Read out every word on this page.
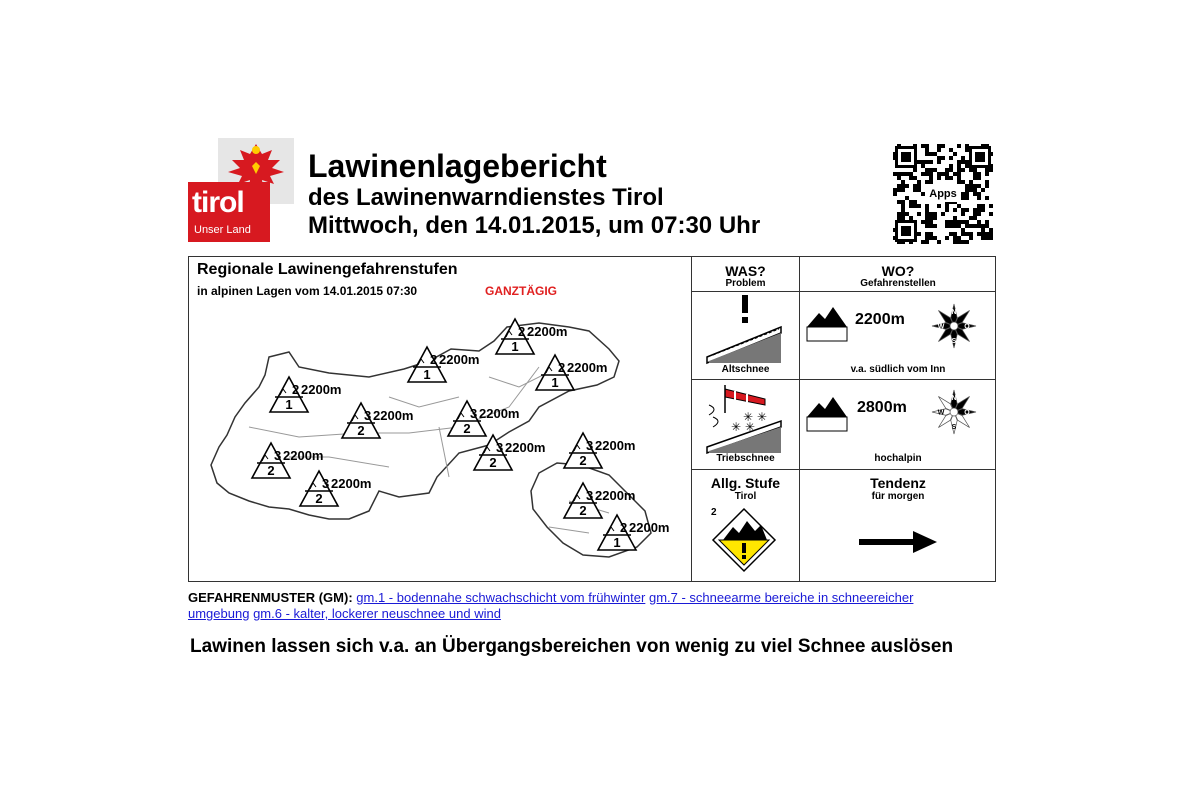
tirol
Unser Land
Lawinenlagebericht
des Lawinenwarndienstes Tirol
Mittwoch, den 14.01.2015, um 07:30 Uhr
Apps
Regionale Lawinengefahrenstufen
in alpinen Lagen vom 14.01.2015 07:30	GANZTÄGIG
2
1
2200m
3
2
2200m
3
2
2200m
3
2
2200m
2
1
2200m
3
2
2200m
2
1
2200m
3
2
2200m
2
1
2200m
3
2
2200m
3
2
2200m
2
1
2200m
WAS?
Problem
Altschnee
✳ ✳
✳ ✳
Triebschnee
Allg. Stufe
Tirol
2
WO?
Gefahrenstellen
2200m	N
O
S
W
v.a. südlich vom Inn
2800m
N
O
S
W
hochalpin
Tendenz
für morgen
GEFAHRENMUSTER (GM): gm.1 - bodennahe schwachschicht vom frühwinter gm.7 - schneearme bereiche in schneereicher umgebung gm.6 - kalter, lockerer neuschnee und wind
Lawinen lassen sich v.a. an Übergangsbereichen von wenig zu viel Schnee auslösen
